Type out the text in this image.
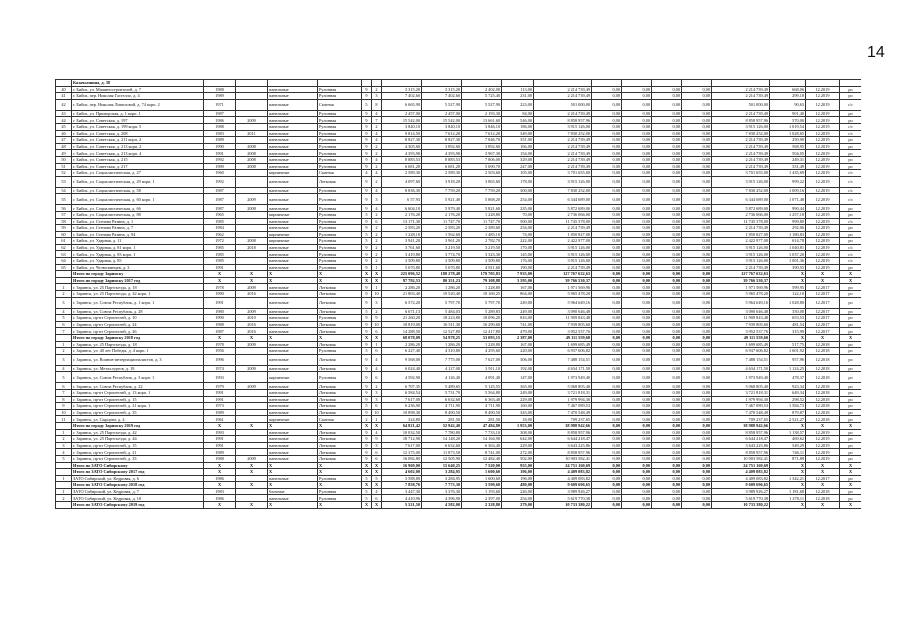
14
	Казачьешина, д. 38																			
40	г. Бийск, ул. Машиностроителей, д. 7	1988		панельные	Рулонная	9	2	3 315,20	3 315,20	2 402,00	113,00	2 214 739,49	0,00	0,00	0,00	0,00	2 214 739,49	668,06	12.2019	ро
41	г. Бийск, пер. Николая Гастелло, д. 4	1989		панельные	Рулонная	9	3	7 402,60	7 402,60	5 725,40	231,00	2 214 739,49	0,00	0,00	0,00	0,00	2 214 739,49	299,18	12.2019	ро
42	г. Бийск, пер. Николая Липиловой, д. 74 корп. 2	1971		панельные	Скатная	5	8	6 665,90	5 527,90	5 527,90	223,00	501 000,00	0,00	0,00	0,00	0,00	501 000,00	90,63	12.2019	с/с
43	г. Бийск, ул. Приморская, д. 1 корп. 1	1987		панельные	Рулонная	9	4	2 457,00	2 457,00	2 193,30	84,00	2 214 739,49	0,00	0,00	0,00	0,00	2 214 739,49	901,40	12.2019	ро
44	г. Бийск, ул. Советская, д. 197	1986	2009	панельные	Рулонная	9	7	15 542,00	15 542,00	13 661,60	546,00	8 858 957,96	0,00	0,00	0,00	0,00	8 858 957,96	570,00	12.2019	ро
45	г. Бийск, ул. Советская, д. 199 корп. 5	1988		панельные	Рулонная	9	2	3 840,10	3 840,10	3 846,10	186,00	3 915 126,00	0,00	0,00	0,00	0,00	3 915 126,00	1 019,54	12.2019	с/с
46	г. Бийск, ул. Советская, д. 208	1983	2011	панельные	Рулонная	9	4	9 814,50	7 612,20	7 612,20	349,00	7 830 252,00	0,00	0,00	0,00	0,00	7 830 252,00	1 028,65	12.2019	с/с
47	г. Бийск, ул. Советская, д. 211 корп. 2	1989		панельные	Рулонная	9	4	8 827,30	8 827,30	7 846,70	351,00	2 214 739,49	0,00	0,00	0,00	0,00	2 214 739,49	250,90	12.2019	ро
48	г. Бийск, ул. Советская, д. 213 корп. 2	1990	2008	панельные	Рулонная	9	2	4 305,60	3 892,60	3 892,60	166,00	2 214 739,49	0,00	0,00	0,00	0,00	2 214 739,49	568,95	12.2019	ро
49	г. Бийск, ул. Советская, д. 213 корп. 4	1991	2008	панельные	Рулонная	9	2	4 393,90	4 393,90	3 967,30	154,00	2 214 739,49	0,00	0,00	0,00	0,00	2 214 739,49	504,05	12.2019	ро
50	г. Бийск, ул. Советская, д. 215	1992	2008	панельные	Рулонная	9	4	8 883,53	8 883,53	7 806,00	329,00	2 214 739,49	0,00	0,00	0,00	0,00	2 214 739,49	249,31	12.2019	ро
51	г. Бийск, ул. Советская, д. 217	1989	2008	панельные	Рулонная	9	2	6 681,20	6 681,20	5 690,70	247,00	2 214 739,49	0,00	0,00	0,00	0,00	2 214 739,49	331,49	12.2019	ро
52	г. Бийск, ул. Социалистическая, д. 27	1960		кирпичные	Скатная	4	4	2 589,30	2 589,30	2 503,60	105,00	3 701 655,00	0,00	0,00	0,00	0,00	3 701 655,00	1 435,69	12.2019	с/с
53	г. Бийск, ул. Социалистическая, д. 29 корп. 1	1992		панельные	Лотковая	9	2	4 097,60	3 918,20	3 865,60	178,00	3 915 126,00	0,00	0,00	0,00	0,00	3 915 126,00	999,22	12.2019	с/с
54	г. Бийск, ул. Социалистическая, д. 58	1987		панельные	Рулонная	9	4	8 836,30	7 759,20	7 759,20	300,00	7 830 252,00	0,00	0,00	0,00	0,00	7 830 252,00	1 009,16	12.2019	с/с
55	г. Бийск, ул. Социалистическая, д. 60 корп. 1	1987	2009	панельные	Рулонная	9	3	6 57,93	5 921,40	5 868,20	254,00	6 344 689,00	0,00	0,00	0,00	0,00	6 344 689,00	1 071,48	12.2019	с/с
56	г. Бийск, ул. Социалистическая, д. 66	1987	2008	панельные	Рулонная	9	4	6 604,10	5 979,40	5 821,60	235,00	5 872 689,00	0,00	0,00	0,00	0,00	5 872 689,00	990,44	12.2019	ро
57	г. Бийск, ул. Социалистическая, д. 88	1965		кирпичные	Рулонная	5	2	2 176,20	2 176,20	1 228,80	70,00	2 736 066,00	0,00	0,00	0,00	0,00	2 736 066,00	1 257,18	12.2019	ро
58	г. Бийск, ул. Степана Разина, д. 1	1985		панельные	Рулонная	9	6	13 171,30	11 747,70	11 747,70	500,00	11 745 378,00	0,00	0,00	0,00	0,00	11 745 378,00	999,80	12.2019	с/с
59	г. Бийск, ул. Степана Разина, д. 7	1984		панельные	Рулонная	9	2	2 583,20	2 583,20	2 389,60	254,00	2 214 739,49	0,00	0,00	0,00	0,00	2 214 739,49	292,06	12.2019	ро
60	г. Бийск, ул. Степана Разина, д. 94	1962		кирпичные	Рулонная	5	2	1 228,10	1 562,60	1 485,10	74,00	1 850 827,00	0,00	0,00	0,00	0,00	1 850 827,00	1 180,83	12.2019	ро
61	г. Бийск, ул. Ударная, д. 11	1972	2008	кирпичные	Рулонная	5	2	3 941,20	3 961,20	2 782,70	222,00	2 422 977,00	0,00	0,00	0,00	0,00	2 422 977,00	614,78	12.2019	ро
62	г. Бийск, ул. Ударная, д. 81 корп. 1	1985	2018	панельные	Рулонная	9	2	3 761,60	3 219,50	3 219,50	170,00	3 915 126,00	0,00	0,00	0,00	0,00	3 915 126,00	1 040,81	12.2019	с/с
63	г. Бийск, ул. Ударная, д. 83 корп. 1	1985		панельные	Рулонная	9	2	3 419,80	3 774,70	3 323,30	145,00	3 915 126,00	0,00	0,00	0,00	0,00	3 915 126,00	1 037,20	12.2019	с/с
64	г. Бийск, ул. Ударная, д. 85	1985		панельные	Рулонная	9	2	3 509,80	3 509,80	3 509,80	176,00	3 915 126,00	0,00	0,00	0,00	0,00	3 915 126,00	1 001,36	12.2019	с/с
65	г. Бийск, ул. Челюскинцев, д. 3	1991		панельные	Рулонная	9	1	5 670,80	5 670,80	4 811,60	190,00	2 214 739,49	0,00	0,00	0,00	0,00	2 214 739,49	390,55	12.2019	ро
	Итого по городу Заринску	X	X	X	X	X	X	225 096,52	188 278,48	179 705,83	7 935,00	127 767 632,63	0,00	0,00	0,00	0,00	127 767 632,63	X	X	X
	Итого по городу Заринску 2017 год	X	X	X	X	X	X	97 792,53	80 351,23	79 108,88	3 595,00	39 766 530,37	0,00	0,00	0,00	0,00	39 766 530,37	X	X	X
1	г. Заринск, ул. 25 Партсъезда, д. 18	1978	2009	панельные	Лотковая	9	1	2 286,20	1 286,20	1 228,80	167,00	1 971 569,96	0,00	0,00	0,00	0,00	1 971 569,96	599,95	12.2017	ро
2	г. Заринск, ул. 25 Партсъезда, д. 42 корп. 1	1990	2016	панельные	Лотковая	9	10	21 803,40	19 520,40	18 169,25	864,00	5 965 478,20	0,00	0,00	0,00	0,00	5 965 478,20	122,10	12.2017	ро
3	г. Заринск, ул. Союза Республик, д. 1 корп. 1	1991		панельные	Лотковая	9	3	6 572,20	5 797,70	5 797,70	249,00	5 964 649,16	0,00	0,00	0,00	0,00	5 964 649,16	1 028,80	12.2017	ро
4	г. Заринск, ул. Союза Республик, д. 28	1980	2009	панельные	Лотковая	5	2	6 671,13	5 484,03	5 289,83	249,00	3 090 646,48	0,00	0,00	0,00	0,00	3 090 646,48	350,00	12.2017	ро
5	г. Заринск, пр-кт Строителей, д. 10	1990	2010	панельные	Рулонная	9	9	21 260,20	18 223,80	18 096,20	843,00	11 909 843,48	0,00	0,00	0,00	0,00	11 909 843,48	653,53	12.2017	ро
6	г. Заринск, пр-кт Строителей, д. 24	1988	2016	панельные	Лотковая	9	10	18 819,00	16 511,30	16 290,60	741,00	7 939 805,60	0,00	0,00	0,00	0,00	7 939 805,60	481,54	12.2017	ро
7	г. Заринск, пр-кт Строителей, д. 26	1987	2016	панельные	Лотковая	9	6	14 288,50	12 527,80	12 417,80	479,00	3 952 537,76	0,00	0,00	0,00	0,00	3 952 537,76	315,99	12.2017	ро
	Итого по городу Заринску 2018 год	X	X	X	X	X	X	68 078,09	54 978,25	53 093,15	2 387,00	49 111 559,60	0,00	0,00	0,00	0,00	49 111 559,60	X	X	X
1	г. Заринск, ул. 25 Партсъезда, д. 18	1978	2009	панельные	Лотковая	9	1	2 286,20	1 286,20	1 228,80	167,00	1 699 685,49	0,00	0,00	0,00	0,00	1 699 685,49	517,75	12.2018	ро
2	г. Заринск, ул. 40 лет Победы, д. 4 корп. 1	1956		панельные	Рулонная	5	6	6 227,40	4 310,80	4 295,60	220,00	6 937 606,82	0,00	0,00	0,00	0,00	6 937 606,82	1 601,92	12.2018	ро
3	г. Заринск, ул. Воинов-интернационалистов, д. 3	1996		панельные	Лотковая	9	4	9 568,00	7 775,00	7 627,00	306,00	7 488 154,51	0,00	0,00	0,00	0,00	7 488 154,51	957,96	12.2018	ро
4	г. Заринск, ул. Металлургов, д. 18	1974	2009	панельные	Лотковая	9	4	6 024,40	4 127,00	3 911,10	192,00	4 634 171,50	0,00	0,00	0,00	0,00	4 634 171,50	1 124,25	12.2018	ро
5	г. Заринск, ул. Союза Республик, д. 3 корп. 1	1993		кирпичные	Рулонная	9	6	4 592,90	4 126,40	4 091,40	147,00	1 973 949,40	0,00	0,00	0,00	0,00	1 973 949,40	478,37	12.2018	ро
6	г. Заринск, ул. Союза Республик, д. 22	1979	2009	панельные	Лотковая	9	2	6 707,35	5 489,65	5 125,55	365,00	5 068 805,40	0,00	0,00	0,00	0,00	5 068 805,40	923,34	12.2018	ро
7	г. Заринск, пр-кт Строителей, д. 13 корп. 1	1991		панельные	Лотковая	9	3	6 584,54	5 731,70	5 564,80	249,00	3 721 818,31	0,00	0,00	0,00	0,00	3 721 818,31	649,34	12.2018	ро
8	г. Заринск, пр-кт Строителей, д. 15	1991		панельные	Лотковая	9	3	7 617,00	6 632,60	6 363,40	229,00	1 979 994,30	0,00	0,00	0,00	0,00	1 979 994,30	298,52	12.2018	ро
9	г. Заринск, пр-кт Строителей, д. 21 корп. 1	1973		панельные	Лотковая	5	6	6 236,90	4 711,90	4 711,90	160,00	7 467 089,53	0,00	0,00	0,00	0,00	7 467 089,53	1 584,73	12.2018	ро
10	г. Заринск, пр-кт Строителей, д. 35	1989		панельные	Лотковая	9	10	10 898,30	8 490,50	8 490,50	343,00	7 470 548,49	0,00	0,00	0,00	0,00	7 470 548,49	879,87	12.2018	ро
11	г. Заринск, ул. Сырцова, д. 4	1961		кирпичные	Скатная	2	1	324,80	281,50	281,50	18,00	709 237,65	0,00	0,00	0,00	0,00	709 237,65	2 521,27	12.2018	ро
	Итого по городу Заринску 2019 год	X	X	X	X	X	X	64 821,42	52 942,40	47 484,80	1 953,00	38 988 942,66	0,00	0,00	0,00	0,00	38 988 942,66	X	X	X
1	г. Заринск, ул. 25 Партсъезда, д. 42	1993		панельные	Лотковая	9	4	10 032,50	7 780,80	7 733,10	308,00	8 858 957,96	0,00	0,00	0,00	0,00	8 858 957,96	1 138,57	12.2019	ро
2	г. Заринск, ул. 25 Партсъезда, д. 44	1991		панельные	Лотковая	9	9	18 712,90	14 148,20	14 164,90	642,00	6 644 218,47	0,00	0,00	0,00	0,00	6 644 218,47	469,62	12.2019	ро
3	г. Заринск, пр-кт Строителей, д. 15	1991		панельные	Лотковая	9	3	7 617,00	6 632,60	6 363,40	229,00	3 643 225,86	0,00	0,00	0,00	0,00	3 643 225,86	549,29	12.2019	ро
4	г. Заринск, пр-кт Строителей, д. 21	1989		панельные	Лотковая	9	6	12 375,00	11 873,50	8 741,00	272,00	8 858 957,96	0,00	0,00	0,00	0,00	8 858 957,96	746,11	12.2019	ро
5	г. Заринск, пр-кт Строителей, д. 33	1988	2009	панельные	Лотковая	9	6	16 082,80	12 505,90	12 482,40	502,00	10 903 582,41	0,00	0,00	0,00	0,00	10 903 582,41	871,88	12.2019	ро
	Итого по ЗАТО Сибирскому	X	X	X	X	X	X	16 969,00	15 640,25	7 520,00	955,00	24 751 160,69	0,00	0,00	0,00	0,00	24 751 160,69	X	X	X
	Итого по ЗАТО Сибирскому 2017 год	X	X	X	X	X	X	4 602,00	3 284,95	1 600,60	196,00	4 409 083,82	0,00	0,00	0,00	0,00	4 409 083,82	X	X	X
1	ЗАТО Сибирский, ул. Кедровая, д. 6	1986		панельные	Рулонная	5	5	3 588,80	3 284,95	1 600,60	196,00	4 409 083,82	0,00	0,00	0,00	0,00	4 409 083,82	1 342,21	12.2017	ро
	Итого по ЗАТО Сибирскому 2018 год	X	X	X	X	X	X	7 858,76	7 773,30	3 590,60	480,00	9 609 696,65	0,00	0,00	0,00	0,00	9 609 696,65	X	X	X
1	ЗАТО Сибирский, ул. Кедровая, д. 7	1983		блочные	Рулонная	5	4	3 447,30	3 376,30	1 193,60	226,00	3 989 926,27	0,00	0,00	0,00	0,00	3 989 926,27	1 181,68	12.2018	ро
2	ЗАТО Сибирский, ул. Кедровая, д. 10	1986		панельные	Рулонная	5	6	4 410,96	4 396,90	2 397,00	254,00	5 619 770,38	0,00	0,00	0,00	0,00	5 619 770,38	1 278,11	12.2018	ро
	Итого по ЗАТО Сибирскому 2019 год	X	X	X	X	X	X	5 521,50	4 582,00	2 328,80	279,00	10 733 380,22	0,00	0,00	0,00	0,00	10 733 380,22	X	X	X
